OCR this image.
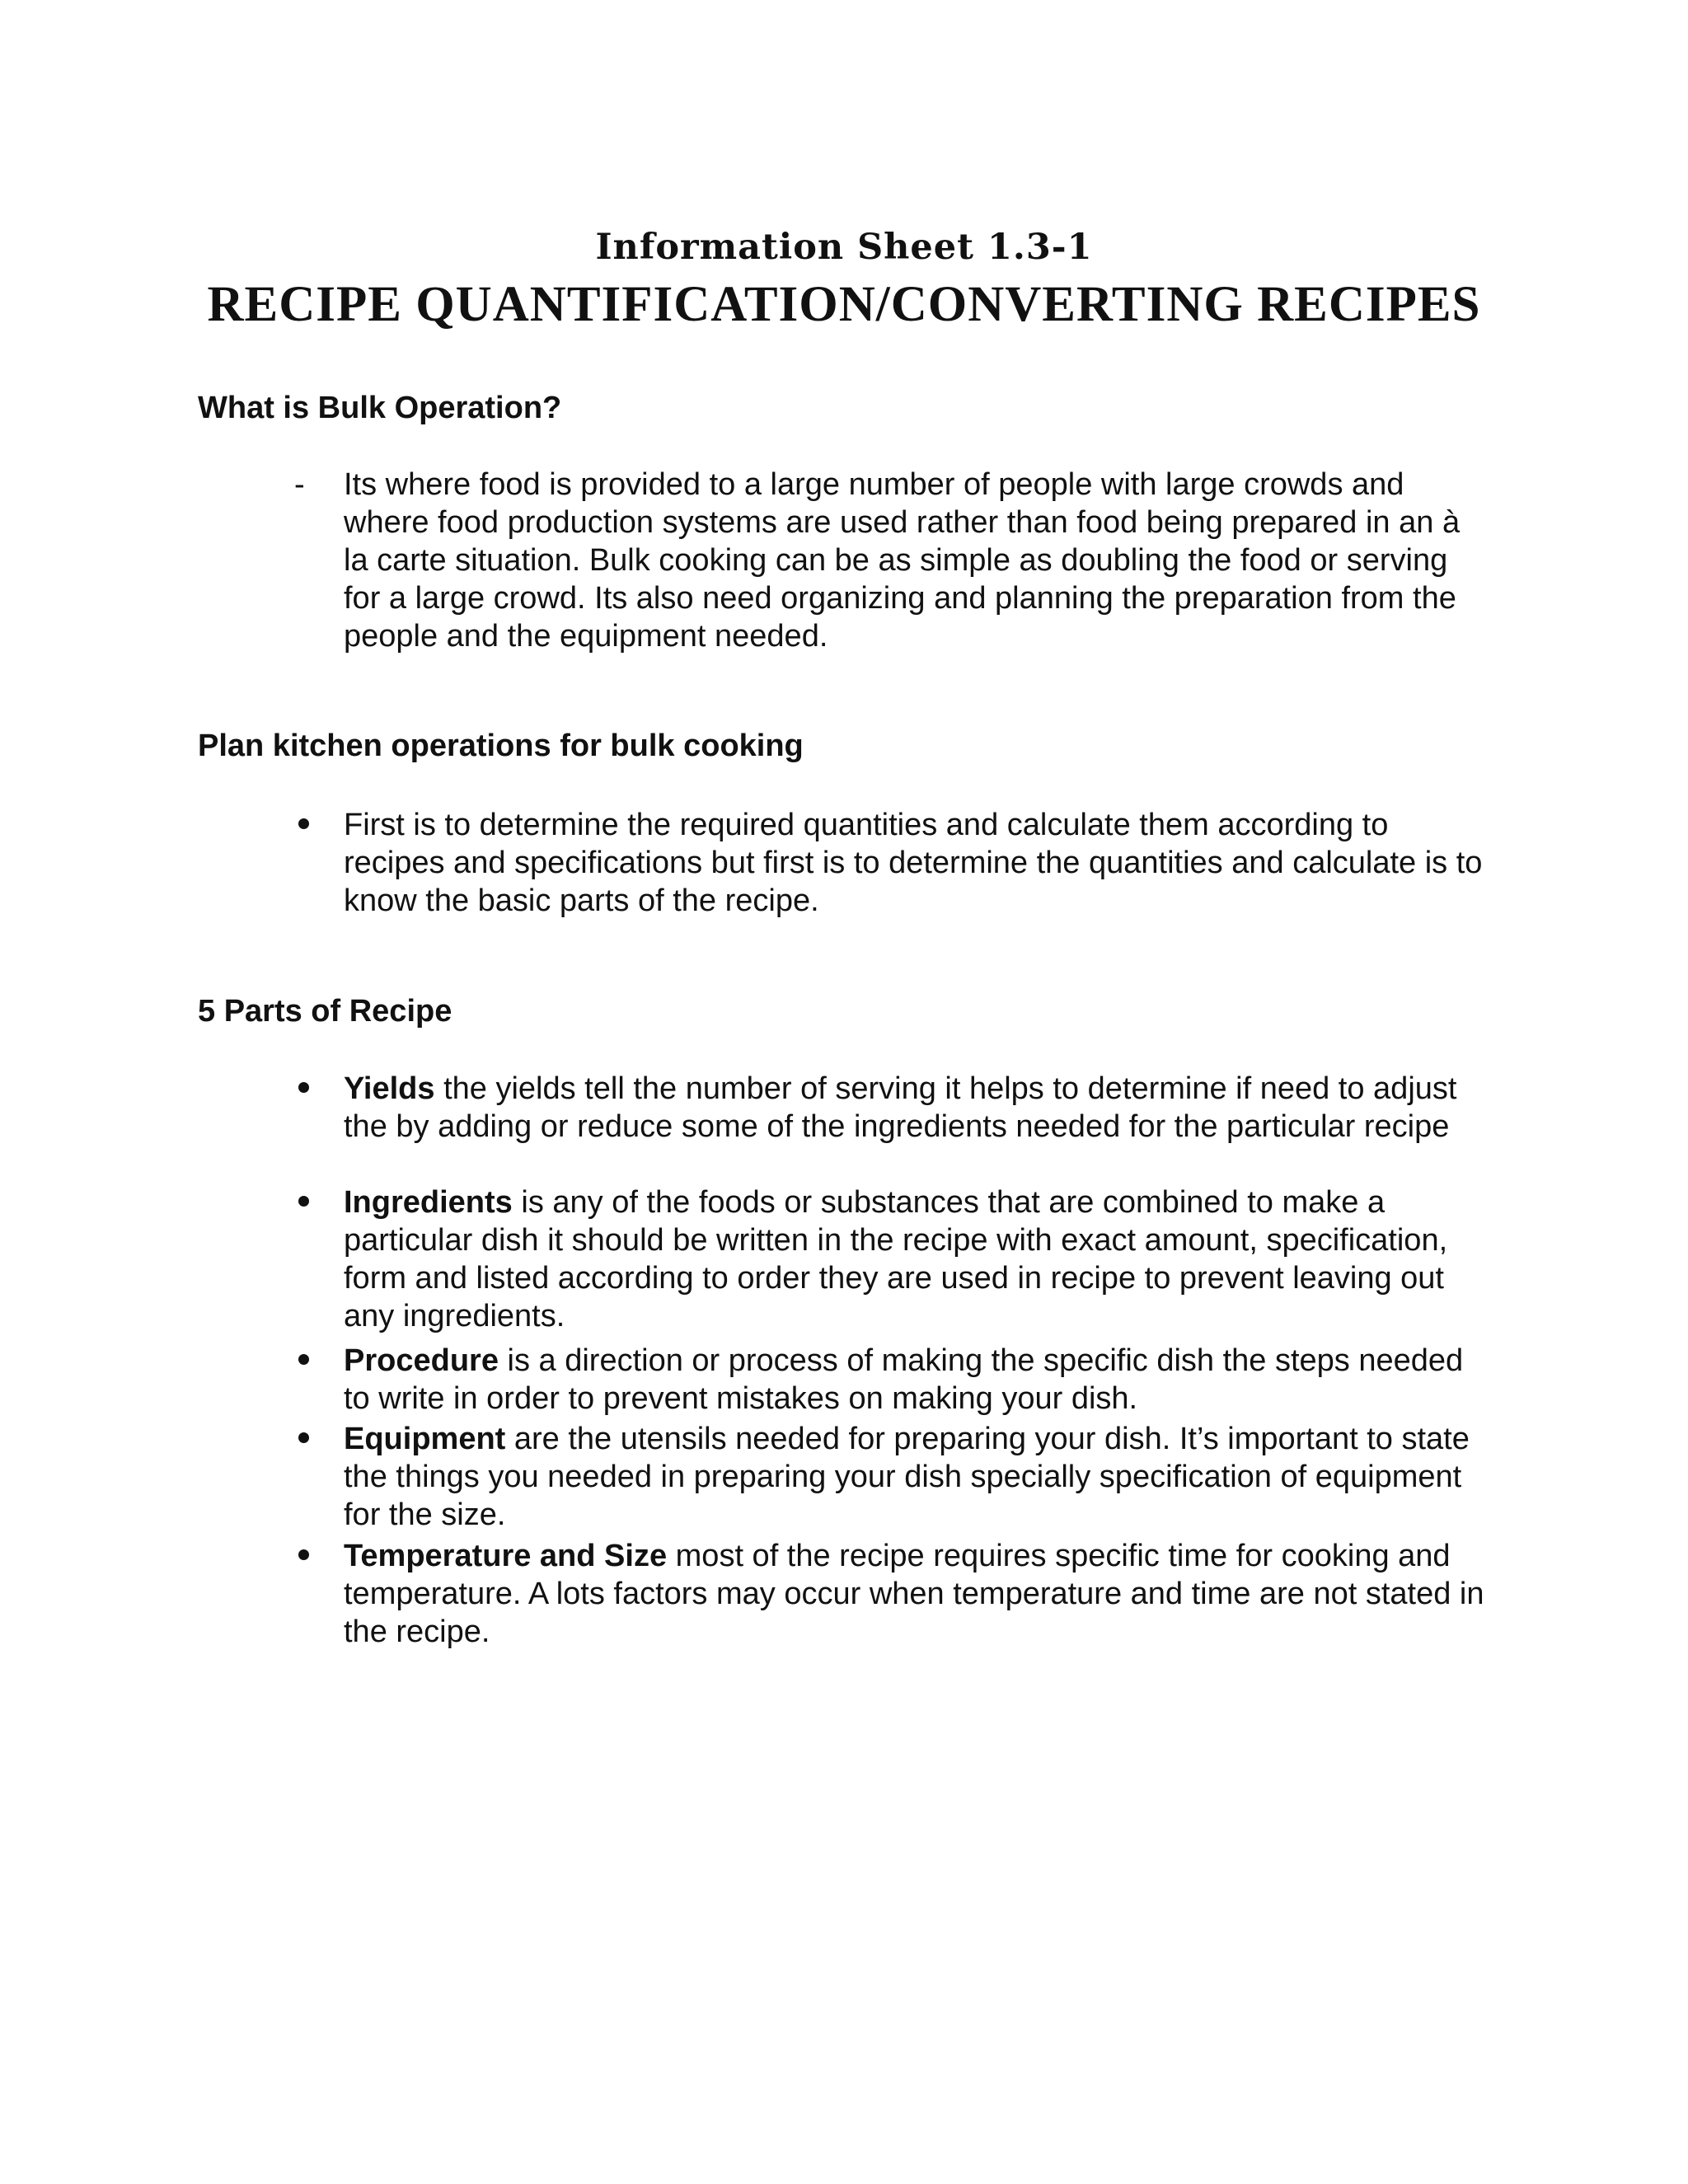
Information Sheet 1.3-1
RECIPE QUANTIFICATION/CONVERTING RECIPES
What is Bulk Operation?
- Its where food is provided to a large number of people with large crowds and where food production systems are used rather than food being prepared in an à la carte situation. Bulk cooking can be as simple as doubling the food or serving for a large crowd. Its also need organizing and planning the preparation from the people and the equipment needed.

Plan kitchen operations for bulk cooking

First is to determine the required quantities and calculate them according to recipes and specifications but first is to determine the quantities and calculate is to know the basic parts of the recipe.

5 Parts of Recipe

Yields the yields tell the number of serving it helps to determine if need to adjust the by adding or reduce some of the ingredients needed for the particular recipe

Ingredients is any of the foods or substances that are combined to make a particular dish it should be written in the recipe with exact amount, specification, form and listed according to order they are used in recipe to prevent leaving out any ingredients.

Procedure is a direction or process of making the specific dish the steps needed to write in order to prevent mistakes on making your dish.

Equipment are the utensils needed for preparing your dish. It’s important to state the things you needed in preparing your dish specially specification of equipment for the size.

Temperature and Size most of the recipe requires specific time for cooking and temperature. A lots factors may occur when temperature and time are not stated in the recipe.
